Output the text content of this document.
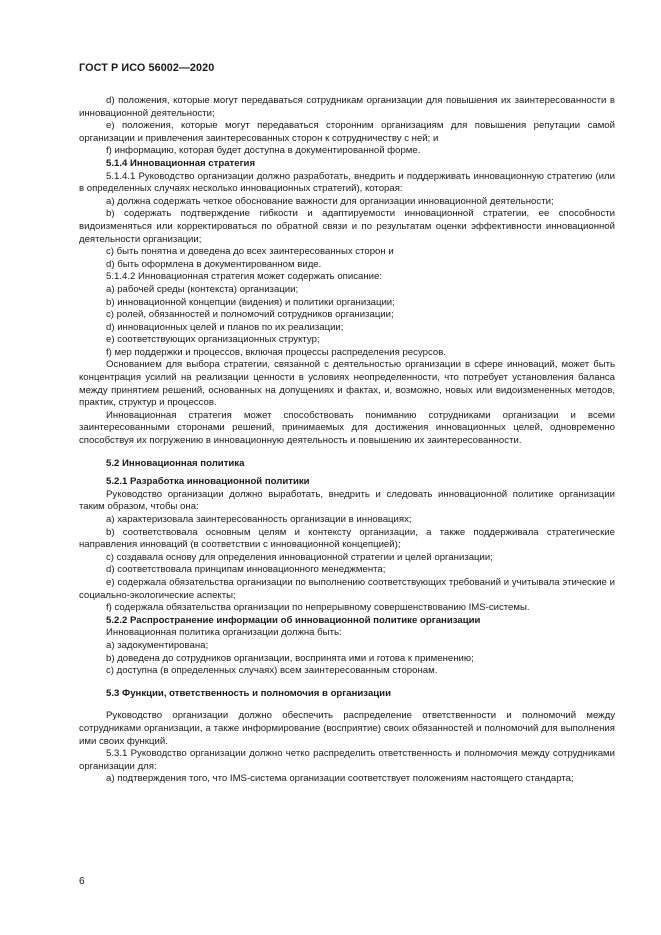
ГОСТ Р ИСО 56002—2020

d) положения, которые могут передаваться сотрудникам организации для повышения их заинтересованности в инновационной деятельности;

e) положения, которые могут передаваться сторонним организациям для повышения репутации самой организации и привлечения заинтересованных сторон к сотрудничеству с ней; и

f) информацию, которая будет доступна в документированной форме.

5.1.4 Инновационная стратегия

5.1.4.1 Руководство организации должно разработать, внедрить и поддерживать инновационную стратегию (или в определенных случаях несколько инновационных стратегий), которая:

a) должна содержать четкое обоснование важности для организации инновационной деятельности;

b) содержать подтверждение гибкости и адаптируемости инновационной стратегии, ее способности видоизменяться или корректироваться по обратной связи и по результатам оценки эффективности инновационной деятельности организации;

c) быть понятна и доведена до всех заинтересованных сторон и

d) быть оформлена в документированном виде.

5.1.4.2 Инновационная стратегия может содержать описание:

a) рабочей среды (контекста) организации;

b) инновационной концепции (видения) и политики организации;

c) ролей, обязанностей и полномочий сотрудников организации;

d) инновационных целей и планов по их реализации;

e) соответствующих организационных структур;

f) мер поддержки и процессов, включая процессы распределения ресурсов.

Основанием для выбора стратегии, связанной с деятельностью организации в сфере инноваций, может быть концентрация усилий на реализации ценности в условиях неопределенности, что потребует установления баланса между принятием решений, основанных на допущениях и фактах, и, возможно, новых или видоизмененных методов, практик, структур и процессов.

Инновационная стратегия может способствовать пониманию сотрудниками организации и всеми заинтересованными сторонами решений, принимаемых для достижения инновационных целей, одновременно способствуя их погружению в инновационную деятельность и повышению их заинтересованности.

5.2 Инновационная политика

5.2.1 Разработка инновационной политики

Руководство организации должно выработать, внедрить и следовать инновационной политике организации таким образом, чтобы она:

a) характеризовала заинтересованность организации в инновациях;

b) соответствовала основным целям и контексту организации, а также поддерживала стратегические направления инноваций (в соответствии с инновационной концепцией);

c) создавала основу для определения инновационной стратегии и целей организации;

d) соответствовала принципам инновационного менеджмента;

e) содержала обязательства организации по выполнению соответствующих требований и учитывала этические и социально-экологические аспекты;

f) содержала обязательства организации по непрерывному совершенствованию IMS-системы.

5.2.2 Распространение информации об инновационной политике организации

Инновационная политика организации должна быть:

a) задокументирована;

b) доведена до сотрудников организации, воспринята ими и готова к применению;

c) доступна (в определенных случаях) всем заинтересованным сторонам.

5.3 Функции, ответственность и полномочия в организации

Руководство организации должно обеспечить распределение ответственности и полномочий между сотрудниками организации, а также информирование (восприятие) своих обязанностей и полномочий для выполнения ими своих функций.

5.3.1 Руководство организации должно четко распределить ответственность и полномочия между сотрудниками организации для:

a) подтверждения того, что IMS-система организации соответствует положениям настоящего стандарта;

6
